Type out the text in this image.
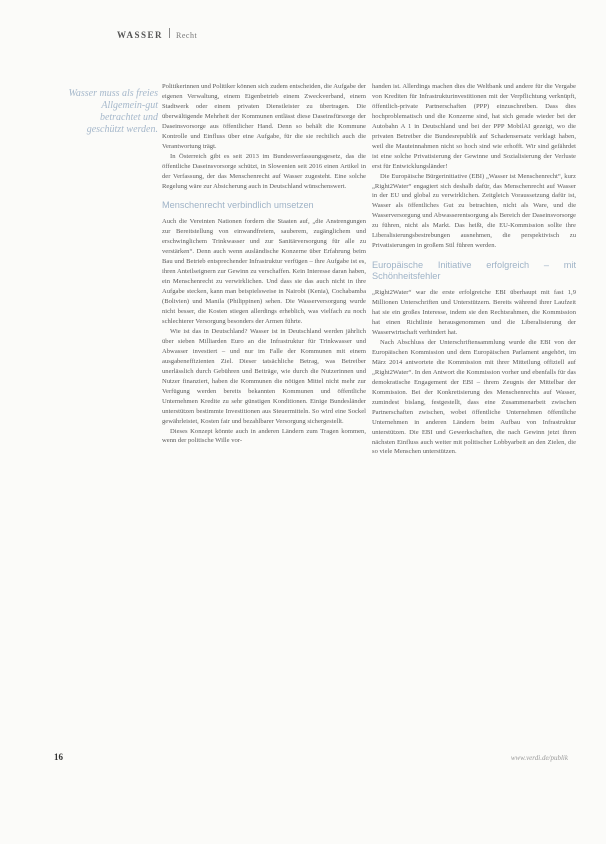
WASSER Recht
Wasser muss als freies Allgemein-gut betrachtet und geschützt werden.

Politikerinnen und Politiker können sich zudem entscheiden, die Aufgabe der eigenen Verwaltung, einem Eigenbetrieb einem Zweckverband, einem Stadtwerk oder einem privaten Dienstleister zu übertragen. Die überwältigende Mehrheit der Kommunen entlässt diese Daseinsfürsorge der Daseinsvorsorge aus öffentlicher Hand. Denn so behält die Kommune Kontrolle und Einfluss über eine Aufgabe, für die sie rechtlich auch die Verantwortung trägt.

In Österreich gibt es seit 2013 im Bundesverfassungsgesetz, das die öffentliche Daseinsvorsorge schützt, in Slowenien seit 2016 einen Artikel in der Verfassung, der das Menschenrecht auf Wasser zugesteht. Eine solche Regelung wäre zur Absicherung auch in Deutschland wünschenswert.

Menschenrecht verbindlich umsetzen

Auch die Vereinten Nationen fordern die Staaten auf, „die Anstrengungen zur Bereitstellung von einwandfreiem, sauberem, zugänglichem und erschwinglichem Trinkwasser und zur Sanitärversorgung für alle zu verstärken“. Denn auch wenn ausländische Konzerne über Erfahrung beim Bau und Betrieb entsprechender Infrastruktur verfügen – ihre Aufgabe ist es, ihren Anteilseignern zur Gewinn zu verschaffen. Kein Interesse daran haben, ein Menschenrecht zu verwirklichen. Und dass sie das auch nicht in ihre Aufgabe stecken, kann man beispielsweise in Nairobi (Kenia), Cochabamba (Bolivien) und Manila (Philippinen) sehen. Die Wasserversorgung wurde nicht besser, die Kosten stiegen allerdings erheblich, was vielfach zu noch schlechterer Versorgung besonders der Armen führte.

Wie ist das in Deutschland? Wasser ist in Deutschland werden jährlich über sieben Milliarden Euro an die Infrastruktur für Trinkwasser und Abwasser investiert – und nur im Falle der Kommunen mit einem ausgabeneffizienten Ziel. Dieser tatsächliche Betrag, was Betreiber unerlässlich durch Gebühren und Beiträge, wie durch die Nutzerinnen und Nutzer finanziert, haben die Kommunen die nötigen Mittel nicht mehr zur Verfügung werden bereits bekannten Kommunen und öffentliche Unternehmen Kredite zu sehr günstigen Konditionen. Einige Bundesländer unterstützen bestimmte Investitionen aus Steuermitteln. So wird eine Sockel gewährleistet, Kosten fair und bezahlbarer Versorgung sichergestellt.

Dieses Konzept könnte auch in anderen Ländern zum Tragen kommen, wenn der politische Wille vor-

handen ist. Allerdings machen dies die Weltbank und andere für die Vergabe von Krediten für Infrastrukturinvestitionen mit der Verpflichtung verknüpft, öffentlich-private Partnerschaften (PPP) einzuschreiben. Dass dies hochproblematisch und die Konzerne sind, hat sich gerade wieder bei der Autobahn A 1 in Deutschland und bei der PPP MobilAI gezeigt, wo die privaten Betreiber die Bundesrepublik auf Schadensersatz verklagt haben, weil die Mauteinnahmen nicht so hoch sind wie erhofft. Wir sind gefährdet ist eine solche Privatisierung der Gewinne und Sozialisierung der Verluste erst für Entwicklungsländer!

Die Europäische Bürgerinitiative (EBI) „Wasser ist Menschenrecht“, kurz „Right2Water“ engagiert sich deshalb dafür, das Menschenrecht auf Wasser in der EU und global zu verwirklichen. Zeitgleich Voraussetzung dafür ist, Wasser als öffentliches Gut zu betrachten, nicht als Ware, und die Wasserversorgung und Abwasserentsorgung als Bereich der Daseinsvorsorge zu führen, nicht als Markt. Das heißt, die EU-Kommission sollte ihre Liberalisierungsbestrebungen ausnehmen, die perspektivisch zu Privatisierungen in großem Stil führen werden.

Europäische Initiative erfolgreich – mit Schönheitsfehler

„Right2Water“ war die erste erfolgreiche EBI überhaupt mit fast 1,9 Millionen Unterschriften und Unterstützern. Bereits während ihrer Laufzeit hat sie ein großes Interesse, indem sie den Rechtsrahmen, die Kommission hat einen Richtlinie herausgenommen und die Liberalisierung der Wasserwirtschaft verhindert hat.

Nach Abschluss der Unterschriftensammlung wurde die EBI von der Europäischen Kommission und dem Europäischen Parlament angehört, im März 2014 antwortete die Kommission mit ihrer Mitteilung offiziell auf „Right2Water“. In den Antwort die Kommission vorher und ebenfalls für das demokratische Engagement der EBI – ihrem Zeugnis der Mittelbar der Kommission. Bei der Konkretisierung des Menschenrechts auf Wasser, zumindest bislang, festgestellt, dass eine Zusammenarbeit zwischen Partnerschaften zwischen, wobei öffentliche Unternehmen öffentliche Unternehmen in anderen Ländern beim Aufbau von Infrastruktur unterstützen. Die EBI und Gewerkschaften, die nach Gewinn jetzt ihren nächsten Einfluss auch weiter mit politischer Lobbyarbeit an den Zielen, die so viele Menschen unterstützen.

16	www.verdi.de/publik
